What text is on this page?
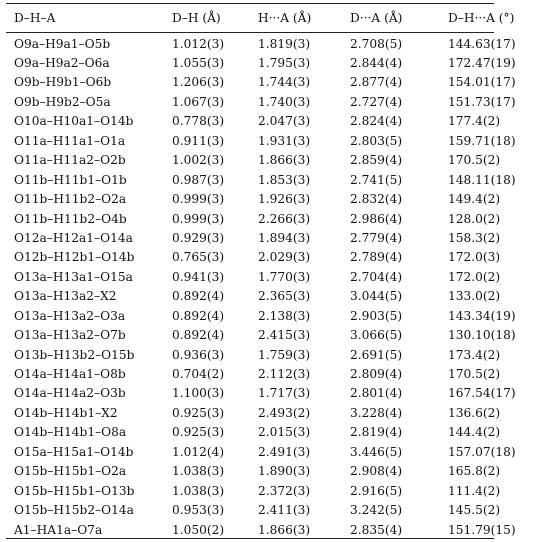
D–H–A	D–H (Å)	H···A (Å)	D···A (Å)	D–H···A (°)
O9a–H9a1–O5b	1.012(3)	1.819(3)	2.708(5)	144.63(17)
O9a–H9a2–O6a	1.055(3)	1.795(3)	2.844(4)	172.47(19)
O9b–H9b1–O6b	1.206(3)	1.744(3)	2.877(4)	154.01(17)
O9b–H9b2–O5a	1.067(3)	1.740(3)	2.727(4)	151.73(17)
O10a–H10a1–O14b	0.778(3)	2.047(3)	2.824(4)	177.4(2)
O11a–H11a1–O1a	0.911(3)	1.931(3)	2.803(5)	159.71(18)
O11a–H11a2–O2b	1.002(3)	1.866(3)	2.859(4)	170.5(2)
O11b–H11b1–O1b	0.987(3)	1.853(3)	2.741(5)	148.11(18)
O11b–H11b2–O2a	0.999(3)	1.926(3)	2.832(4)	149.4(2)
O11b–H11b2–O4b	0.999(3)	2.266(3)	2.986(4)	128.0(2)
O12a–H12a1–O14a	0.929(3)	1.894(3)	2.779(4)	158.3(2)
O12b–H12b1–O14b	0.765(3)	2.029(3)	2.789(4)	172.0(3)
O13a–H13a1–O15a	0.941(3)	1.770(3)	2.704(4)	172.0(2)
O13a–H13a2–X2	0.892(4)	2.365(3)	3.044(5)	133.0(2)
O13a–H13a2–O3a	0.892(4)	2.138(3)	2.903(5)	143.34(19)
O13a–H13a2–O7b	0.892(4)	2.415(3)	3.066(5)	130.10(18)
O13b–H13b2–O15b	0.936(3)	1.759(3)	2.691(5)	173.4(2)
O14a–H14a1–O8b	0.704(2)	2.112(3)	2.809(4)	170.5(2)
O14a–H14a2–O3b	1.100(3)	1.717(3)	2.801(4)	167.54(17)
O14b–H14b1–X2	0.925(3)	2.493(2)	3.228(4)	136.6(2)
O14b–H14b1–O8a	0.925(3)	2.015(3)	2.819(4)	144.4(2)
O15a–H15a1–O14b	1.012(4)	2.491(3)	3.446(5)	157.07(18)
O15b–H15b1–O2a	1.038(3)	1.890(3)	2.908(4)	165.8(2)
O15b–H15b1–O13b	1.038(3)	2.372(3)	2.916(5)	111.4(2)
O15b–H15b2–O14a	0.953(3)	2.411(3)	3.242(5)	145.5(2)
A1–HA1a–O7a	1.050(2)	1.866(3)	2.835(4)	151.79(15)
